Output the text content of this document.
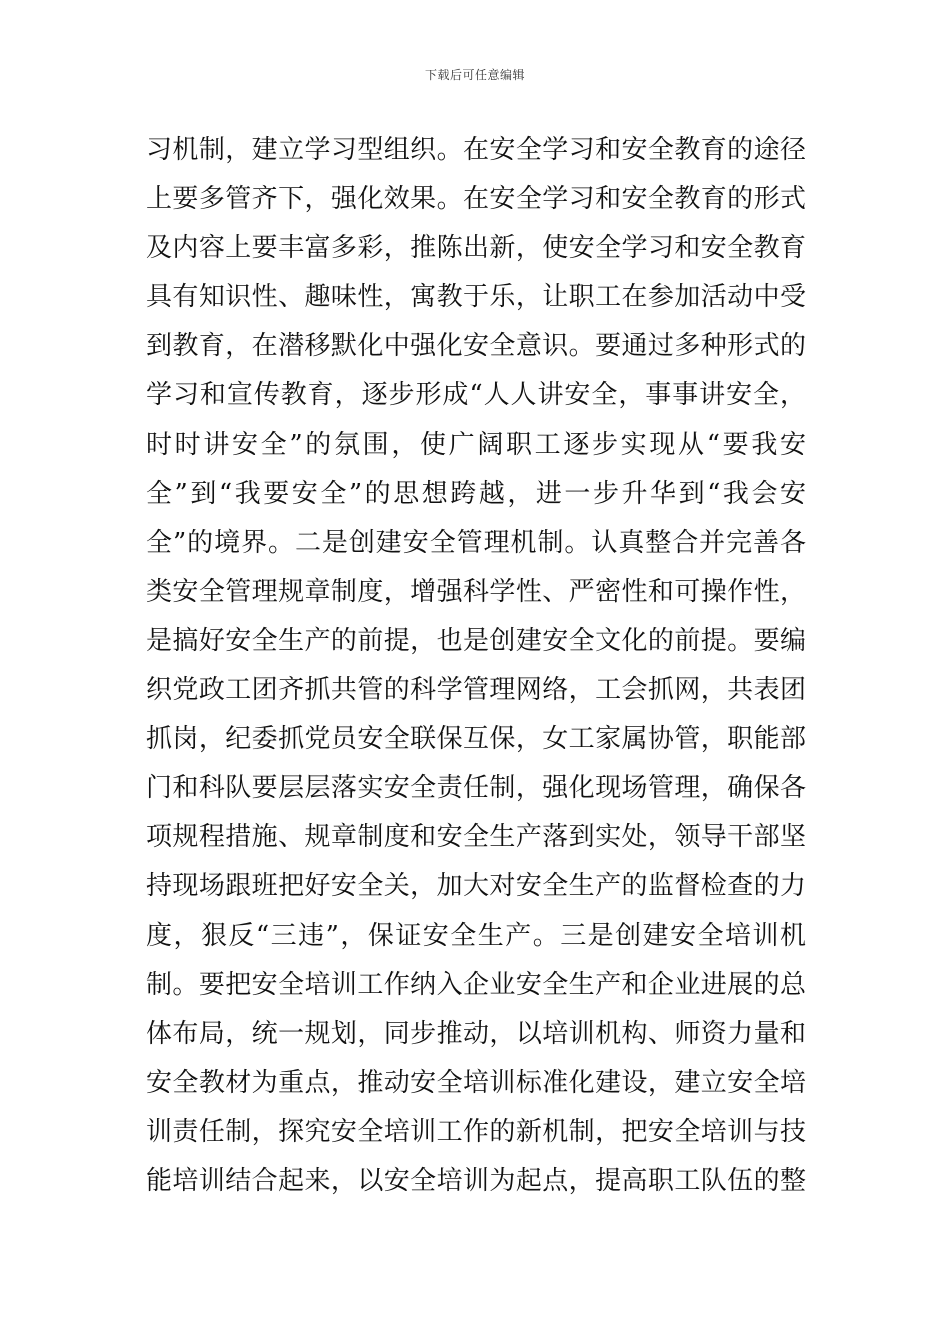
下载后可任意编辑
习机制，建立学习型组织。在安全学习和安全教育的途径
上要多管齐下，强化效果。在安全学习和安全教育的形式
及内容上要丰富多彩，推陈出新，使安全学习和安全教育
具有知识性、趣味性，寓教于乐，让职工在参加活动中受
到教育，在潜移默化中强化安全意识。要通过多种形式的
学习和宣传教育，逐步形成“人人讲安全，事事讲安全，
时时讲安全”的氛围，使广阔职工逐步实现从“要我安
全”到“我要安全”的思想跨越，进一步升华到“我会安
全”的境界。二是创建安全管理机制。认真整合并完善各
类安全管理规章制度，增强科学性、严密性和可操作性，
是搞好安全生产的前提，也是创建安全文化的前提。要编
织党政工团齐抓共管的科学管理网络，工会抓网，共表团
抓岗，纪委抓党员安全联保互保，女工家属协管，职能部
门和科队要层层落实安全责任制，强化现场管理，确保各
项规程措施、规章制度和安全生产落到实处，领导干部坚
持现场跟班把好安全关，加大对安全生产的监督检查的力
度，狠反“三违”，保证安全生产。三是创建安全培训机
制。要把安全培训工作纳入企业安全生产和企业进展的总
体布局，统一规划，同步推动，以培训机构、师资力量和
安全教材为重点，推动安全培训标准化建设，建立安全培
训责任制，探究安全培训工作的新机制，把安全培训与技
能培训结合起来，以安全培训为起点，提高职工队伍的整
